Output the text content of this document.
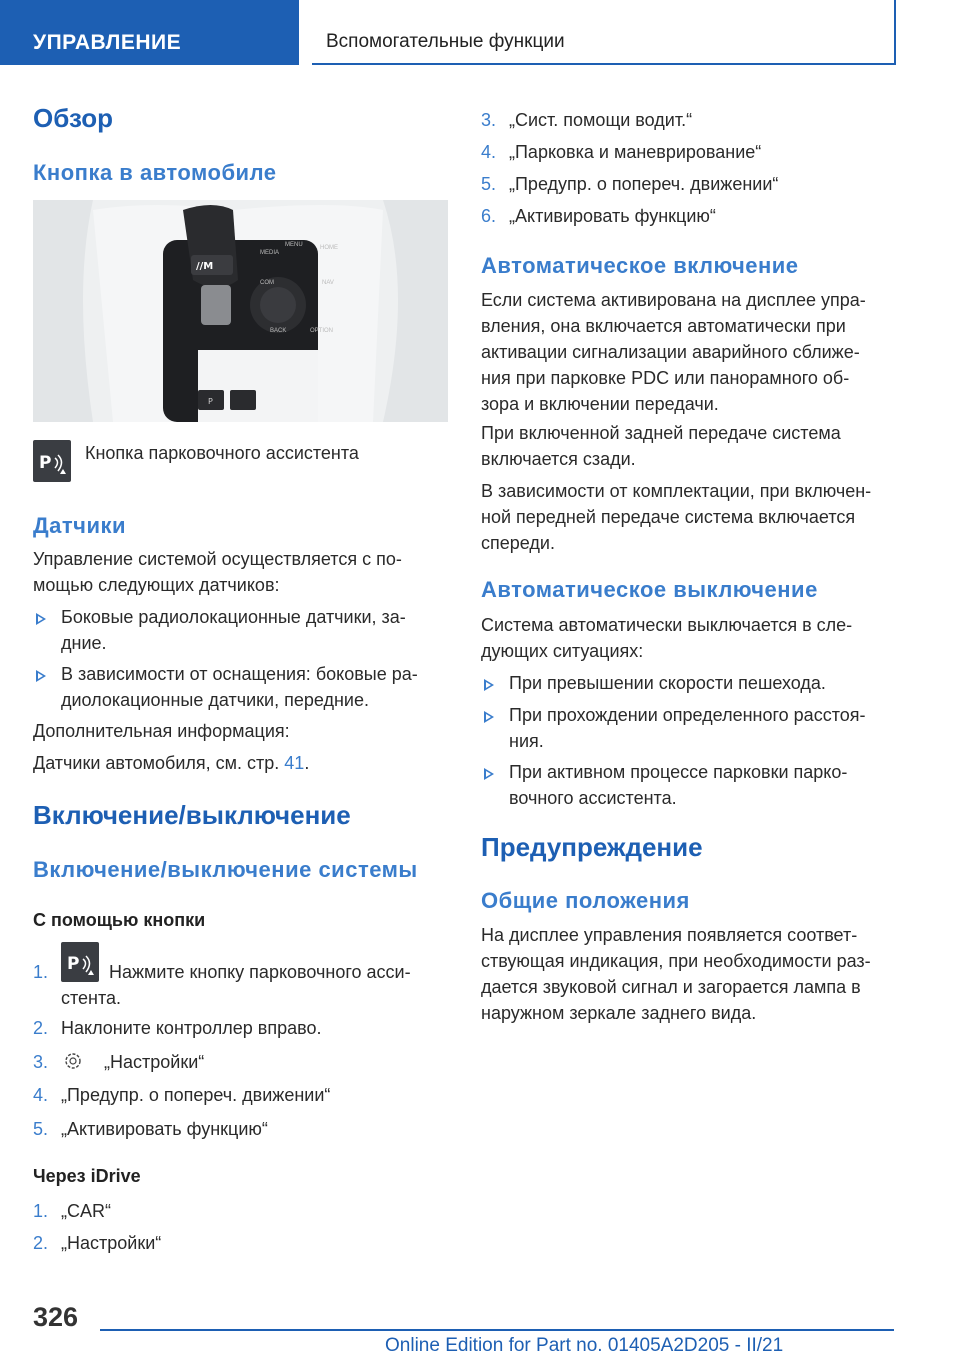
УПРАВЛЕНИЕ	Вспомогательные функции
Обзор
Кнопка в автомобиле
//M
P
MEDIA
HOME
COM	NAV
MENU
BACK	OPTION
P Кнопка парковочного ассистента
Датчики
Управление системой осуществляется с по-
мощью следующих датчиков:
Боковые радиолокационные датчики, за-
дние.
В зависимости от оснащения: боковые ра-
диолокационные датчики, передние.
Дополнительная информация:
Датчики автомобиля, см. стр. 41.
Включение/выключение
Включение/выключение системы
С помощью кнопки
1. P Нажмите кнопку парковочного асси-
стента.
2. Наклоните контроллер вправо.
3.	„Настройки“
4. „Предупр. о попереч. движении“
5. „Активировать функцию“
Через iDrive
1. „CAR“
2. „Настройки“
3. „Сист. помощи водит.“
4. „Парковка и маневрирование“
5. „Предупр. о попереч. движении“
6. „Активировать функцию“
Автоматическое включение
Если система активирована на дисплее упра-
вления, она включается автоматически при
активации сигнализации аварийного сближе-
ния при парковке PDC или панорамного об-
зора и включении передачи.
При включенной задней передаче система
включается сзади.
В зависимости от комплектации, при включен-
ной передней передаче система включается
спереди.
Автоматическое выключение
Система автоматически выключается в сле-
дующих ситуациях:
При превышении скорости пешехода.
При прохождении определенного расстоя-
ния.
При активном процессе парковки парко-
вочного ассистента.
Предупреждение
Общие положения
На дисплее управления появляется соответ-
ствующая индикация, при необходимости раз-
дается звуковой сигнал и загорается лампа в
наружном зеркале заднего вида.
326
Online Edition for Part no. 01405A2D205 - II/21
